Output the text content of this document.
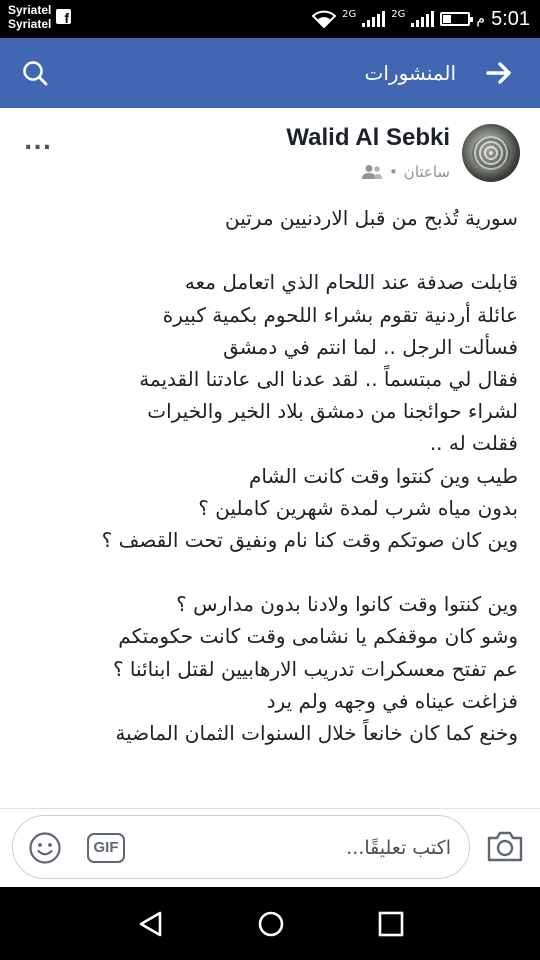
Syriatel
Syriatel f	2G	2G	م 5:01
المنشورات
Walid Al Sebki
ساعتان
•
...

سورية تُذبح من قبل الاردنيين مرتين

قابلت صدفة عند اللحام الذي اتعامل معه

عائلة أردنية تقوم بشراء اللحوم بكمية كبيرة

فسألت الرجل .. لما انتم في دمشق

فقال لي مبتسماً .. لقد عدنا الى عادتنا القديمة

لشراء حوائجنا من دمشق بلاد الخير والخيرات

فقلت له ..

طيب وين كنتوا وقت كانت الشام

بدون مياه شرب لمدة شهرين كاملين ؟

وين كان صوتكم وقت كنا نام ونفيق تحت القصف ؟

وين كنتوا وقت كانوا ولادنا بدون مدارس ؟

وشو كان موقفكم يا نشامى وقت كانت حكومتكم

عم تفتح معسكرات تدريب الارهابيين لقتل ابنائنا ؟

فزاغت عيناه في وجهه ولم يرد

وخنع كما كان خانعاً خلال السنوات الثمان الماضية

GIF
اكتب تعليقًا...
